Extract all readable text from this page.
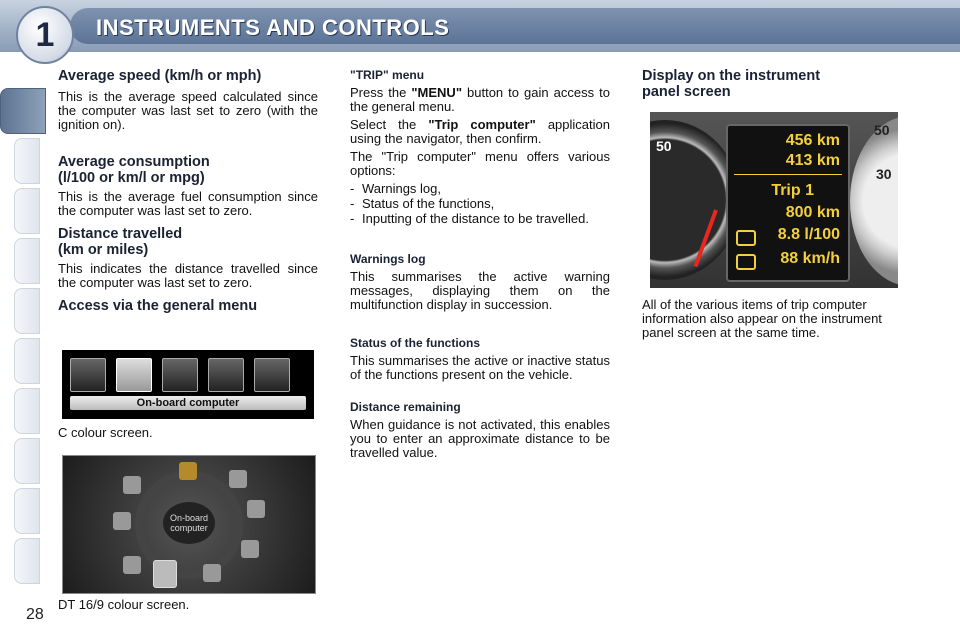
1	INSTRUMENTS AND CONTROLS
28
Average speed (km/h or mph)

This is the average speed calculated since the computer was last set to zero (with the ignition on).

Average consumption
(l/100 or km/l or mpg)

This is the average fuel consumption since the computer was last set to zero.

Distance travelled
(km or miles)

This indicates the distance travelled since the computer was last set to zero.

Access via the general menu
On-board computer
C colour screen.
On-board
computer
DT 16/9 colour screen.
"TRIP" menu

Press the "MENU" button to gain access to the general menu.

Select the "Trip computer" application using the navigator, then confirm.

The "Trip computer" menu offers various options:

- Warnings log,
- Status of the functions,
- Inputting of the distance to be travelled.
Warnings log

This summarises the active warning messages, displaying them on the multifunction display in succession.

Status of the functions

This summarises the active or inactive status of the functions present on the vehicle.

Distance remaining

When guidance is not activated, this enables you to enter an approximate distance to be travelled value.

Display on the instrument
panel screen
50
50
30
456 km
413 km
Trip 1
800 km
8.8 l/100
88 km/h

All of the various items of trip computer information also appear on the instrument panel screen at the same time.
